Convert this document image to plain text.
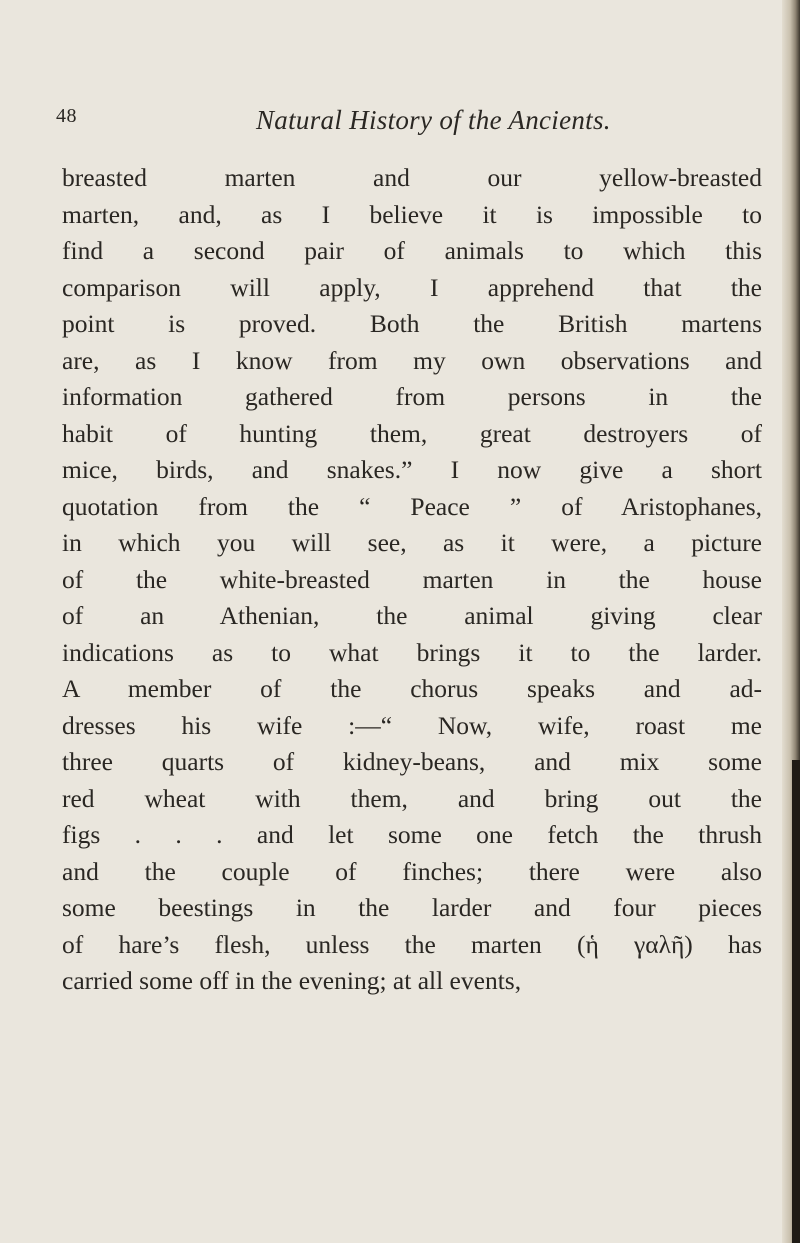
48	Natural History of the Ancients.
breasted marten and our yellow-breasted
marten, and, as I believe it is impossible to
find a second pair of animals to which this
comparison will apply, I apprehend that the
point is proved. Both the British martens
are, as I know from my own observations and
information gathered from persons in the
habit of hunting them, great destroyers of
mice, birds, and snakes.” I now give a short
quotation from the “ Peace ” of Aristophanes,
in which you will see, as it were, a picture
of the white-breasted marten in the house
of an Athenian, the animal giving clear
indications as to what brings it to the larder.
A member of the chorus speaks and ad-
dresses his wife :—“ Now, wife, roast me
three quarts of kidney-beans, and mix some
red wheat with them, and bring out the
figs . . . and let some one fetch the thrush
and the couple of finches; there were also
some beestings in the larder and four pieces
of hare’s flesh, unless the marten (ἡ γαλῆ) has
carried some off in the evening; at all events,
